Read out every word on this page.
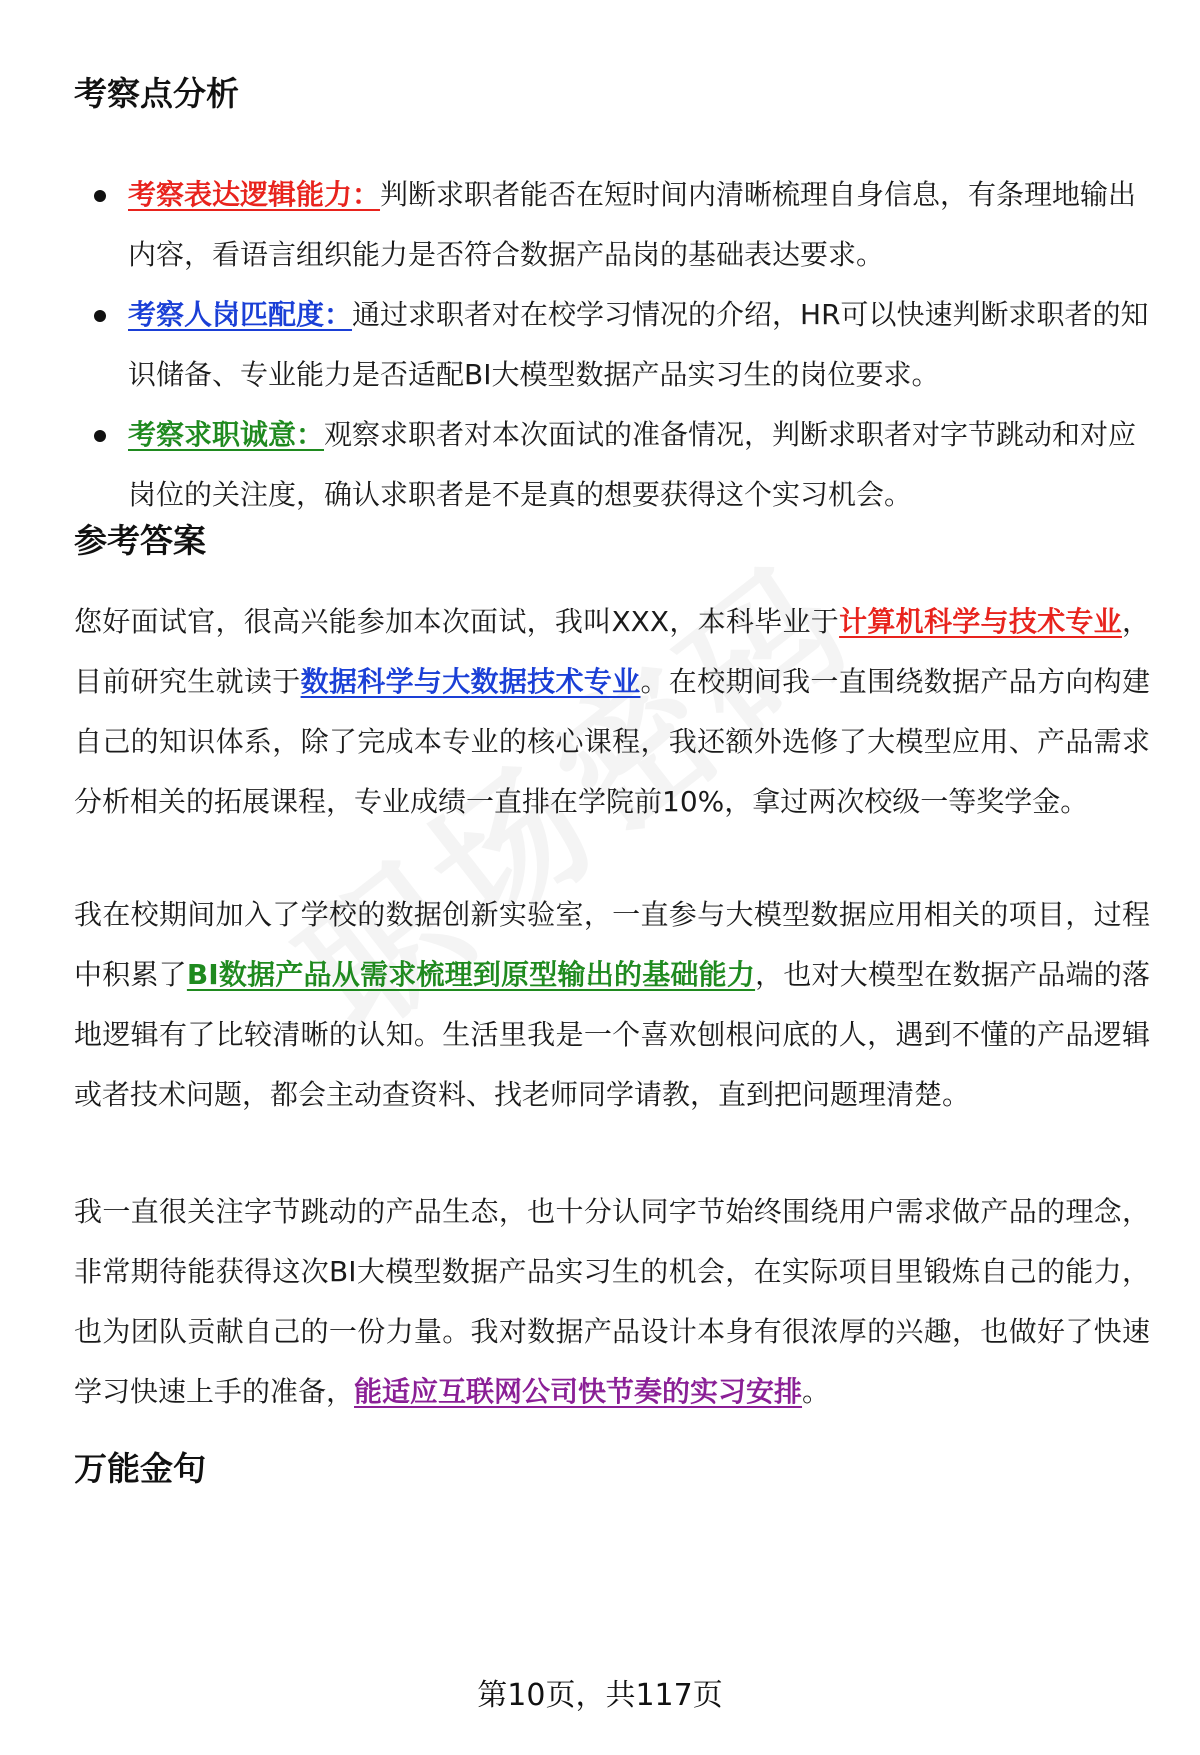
考察点分析
考察表达逻辑能力：判断求职者能否在短时间内清晰梳理自身信息，有条理地输出内容，看语言组织能力是否符合数据产品岗的基础表达要求。
考察人岗匹配度：通过求职者对在校学习情况的介绍，HR可以快速判断求职者的知识储备、专业能力是否适配BI大模型数据产品实习生的岗位要求。
考察求职诚意：观察求职者对本次面试的准备情况，判断求职者对字节跳动和对应岗位的关注度，确认求职者是不是真的想要获得这个实习机会。
参考答案

您好面试官，很高兴能参加本次面试，我叫XXX，本科毕业于计算机科学与技术专业，目前研究生就读于数据科学与大数据技术专业。在校期间我一直围绕数据产品方向构建自己的知识体系，除了完成本专业的核心课程，我还额外选修了大模型应用、产品需求分析相关的拓展课程，专业成绩一直排在学院前10%，拿过两次校级一等奖学金。

我在校期间加入了学校的数据创新实验室，一直参与大模型数据应用相关的项目，过程中积累了BI数据产品从需求梳理到原型输出的基础能力，也对大模型在数据产品端的落地逻辑有了比较清晰的认知。生活里我是一个喜欢刨根问底的人，遇到不懂的产品逻辑或者技术问题，都会主动查资料、找老师同学请教，直到把问题理清楚。

我一直很关注字节跳动的产品生态，也十分认同字节始终围绕用户需求做产品的理念，非常期待能获得这次BI大模型数据产品实习生的机会，在实际项目里锻炼自己的能力，也为团队贡献自己的一份力量。我对数据产品设计本身有很浓厚的兴趣，也做好了快速学习快速上手的准备，能适应互联网公司快节奏的实习安排。

万能金句
第10页，共117页
